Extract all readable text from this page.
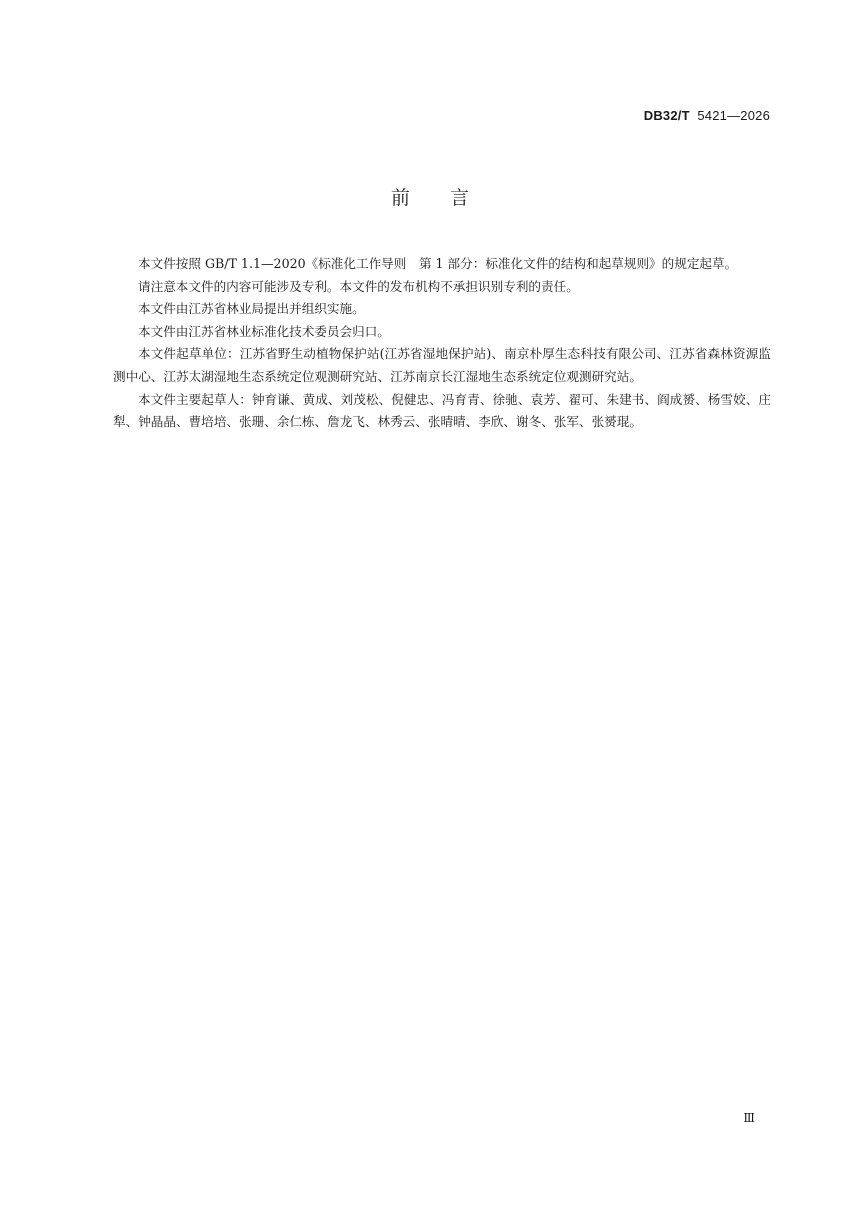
DB32/T 5421—2026
前言

本文件按照 GB/T 1.1—2020《标准化工作导则　第 1 部分：标准化文件的结构和起草规则》的规定起草。

请注意本文件的内容可能涉及专利。本文件的发布机构不承担识别专利的责任。

本文件由江苏省林业局提出并组织实施。

本文件由江苏省林业标准化技术委员会归口。

本文件起草单位：江苏省野生动植物保护站(江苏省湿地保护站)、南京朴厚生态科技有限公司、江苏省森林资源监测中心、江苏太湖湿地生态系统定位观测研究站、江苏南京长江湿地生态系统定位观测研究站。

本文件主要起草人：钟育谦、黄成、刘茂松、倪健忠、冯育青、徐驰、袁芳、翟可、朱建书、阎成赟、杨雪姣、庄犁、钟晶晶、曹培培、张珊、余仁栋、詹龙飞、林秀云、张晴晴、李欣、谢冬、张军、张赟琨。

Ⅲ
